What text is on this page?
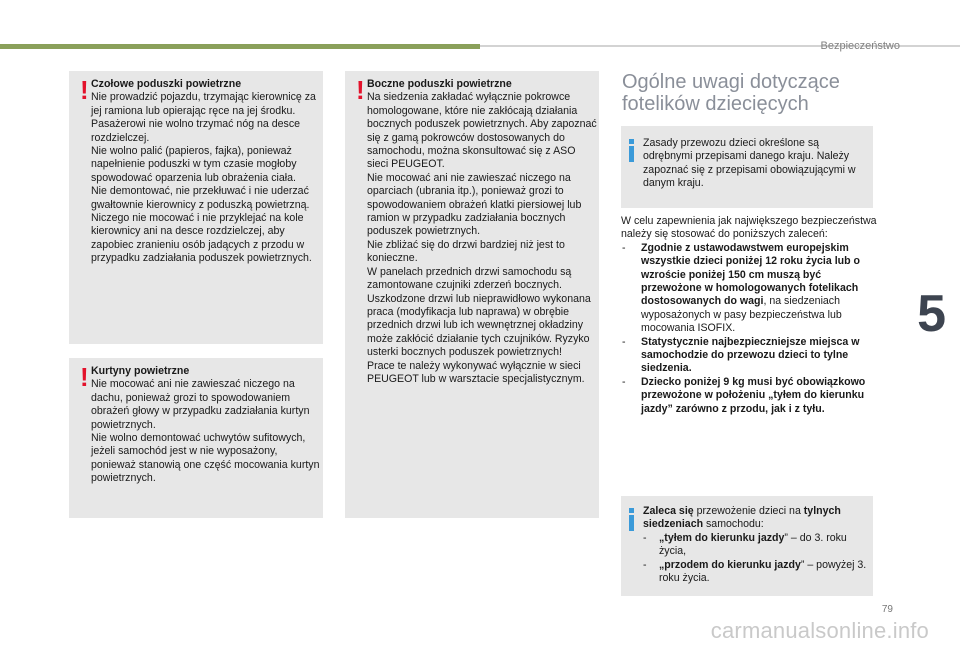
Bezpieczeństwo
5
! Czołowe poduszki powietrzne
Nie prowadzić pojazdu, trzymając kierownicę za jej ramiona lub opierając ręce na jej środku.
Pasażerowi nie wolno trzymać nóg na desce rozdzielczej.
Nie wolno palić (papieros, fajka), ponieważ napełnienie poduszki w tym czasie mogłoby spowodować oparzenia lub obrażenia ciała.
Nie demontować, nie przekłuwać i nie uderzać gwałtownie kierownicy z poduszką powietrzną.
Niczego nie mocować i nie przyklejać na kole kierownicy ani na desce rozdzielczej, aby zapobiec zranieniu osób jadących z przodu w przypadku zadziałania poduszek powietrznych.
! Kurtyny powietrzne
Nie mocować ani nie zawieszać niczego na dachu, ponieważ grozi to spowodowaniem obrażeń głowy w przypadku zadziałania kurtyn powietrznych.
Nie wolno demontować uchwytów sufitowych, jeżeli samochód jest w nie wyposażony, ponieważ stanowią one część mocowania kurtyn powietrznych.
! Boczne poduszki powietrzne
Na siedzenia zakładać wyłącznie pokrowce homologowane, które nie zakłócają działania bocznych poduszek powietrznych. Aby zapoznać się z gamą pokrowców dostosowanych do samochodu, można skonsultować się z ASO sieci PEUGEOT.
Nie mocować ani nie zawieszać niczego na oparciach (ubrania itp.), ponieważ grozi to spowodowaniem obrażeń klatki piersiowej lub ramion w przypadku zadziałania bocznych poduszek powietrznych.
Nie zbliżać się do drzwi bardziej niż jest to konieczne.
W panelach przednich drzwi samochodu są zamontowane czujniki zderzeń bocznych.
Uszkodzone drzwi lub nieprawidłowo wykonana praca (modyfikacja lub naprawa) w obrębie przednich drzwi lub ich wewnętrznej okładziny może zakłócić działanie tych czujników. Ryzyko usterki bocznych poduszek powietrznych!
Prace te należy wykonywać wyłącznie w sieci PEUGEOT lub w warsztacie specjalistycznym.
Ogólne uwagi dotyczące fotelików dziecięcych
Zasady przewozu dzieci określone są odrębnymi przepisami danego kraju. Należy zapoznać się z przepisami obowiązującymi w danym kraju.

W celu zapewnienia jak największego bezpieczeństwa należy się stosować do poniższych zaleceń:

- Zgodnie z ustawodawstwem europejskim wszystkie dzieci poniżej 12 roku życia lub o wzroście poniżej 150 cm muszą być przewożone w homologowanych fotelikach dostosowanych do wagi, na siedzeniach wyposażonych w pasy bezpieczeństwa lub mocowania ISOFIX.
- Statystycznie najbezpieczniejsze miejsca w samochodzie do przewozu dzieci to tylne siedzenia.
- Dziecko poniżej 9 kg musi być obowiązkowo przewożone w położeniu „tyłem do kierunku jazdy” zarówno z przodu, jak i z tyłu.

Zaleca się przewożenie dzieci na tylnych siedzeniach samochodu:

- „tyłem do kierunku jazdy” – do 3. roku życia,
- „przodem do kierunku jazdy” – powyżej 3. roku życia.
79
carmanualsonline.info
